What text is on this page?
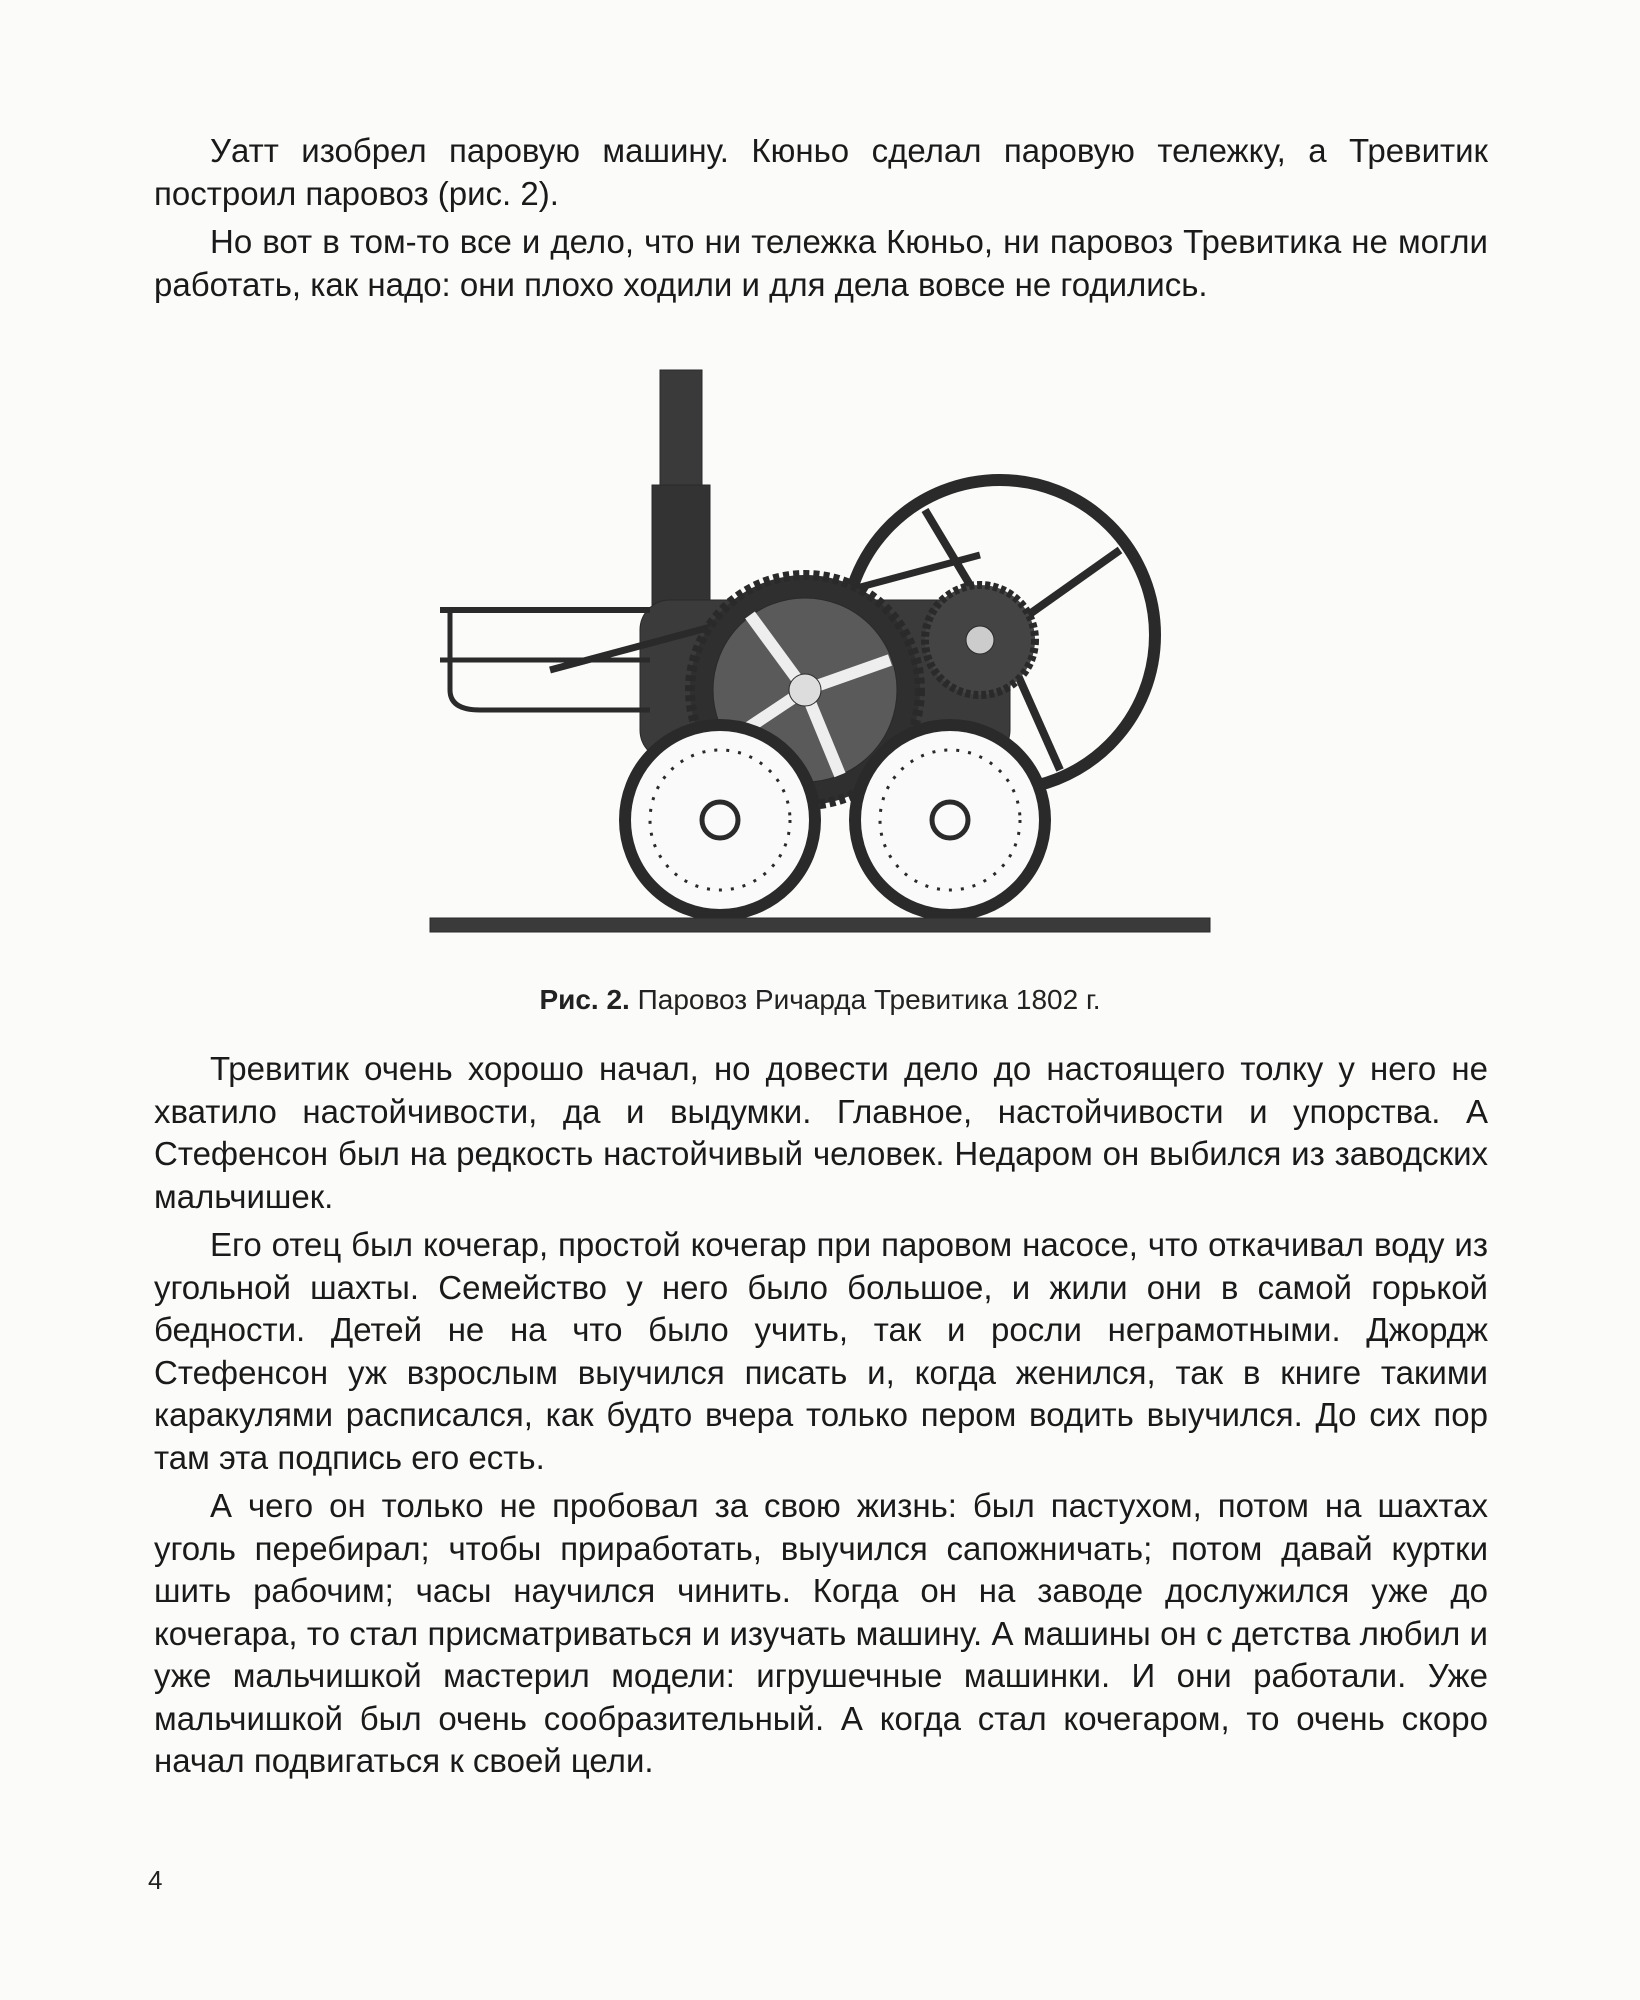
Уатт изобрел паровую машину. Кюньо сделал паровую тележку, а Тревитик построил паровоз (рис. 2).

Но вот в том-то все и дело, что ни тележка Кюньо, ни паровоз Тревитика не могли работать, как надо: они плохо ходили и для дела вовсе не годились.

Рис. 2. Паровоз Ричарда Тревитика 1802 г.

Тревитик очень хорошо начал, но довести дело до настоящего толку у него не хватило настойчивости, да и выдумки. Главное, настойчивости и упорства. А Стефенсон был на редкость настойчивый человек. Недаром он выбился из заводских мальчишек.

Его отец был кочегар, простой кочегар при паровом насосе, что откачивал воду из угольной шахты. Семейство у него было большое, и жили они в самой горькой бедности. Детей не на что было учить, так и росли неграмотными. Джордж Стефенсон уж взрослым выучился писать и, когда женился, так в книге такими каракулями расписался, как будто вчера только пером водить выучился. До сих пор там эта подпись его есть.

А чего он только не пробовал за свою жизнь: был пастухом, потом на шахтах уголь перебирал; чтобы приработать, выучился сапожничать; потом давай куртки шить рабочим; часы научился чинить. Когда он на заводе дослужился уже до кочегара, то стал присматриваться и изучать машину. А машины он с детства любил и уже мальчишкой мастерил модели: игрушечные машинки. И они работали. Уже мальчишкой был очень сообразительный. А когда стал кочегаром, то очень скоро начал подвигаться к своей цели.

4
